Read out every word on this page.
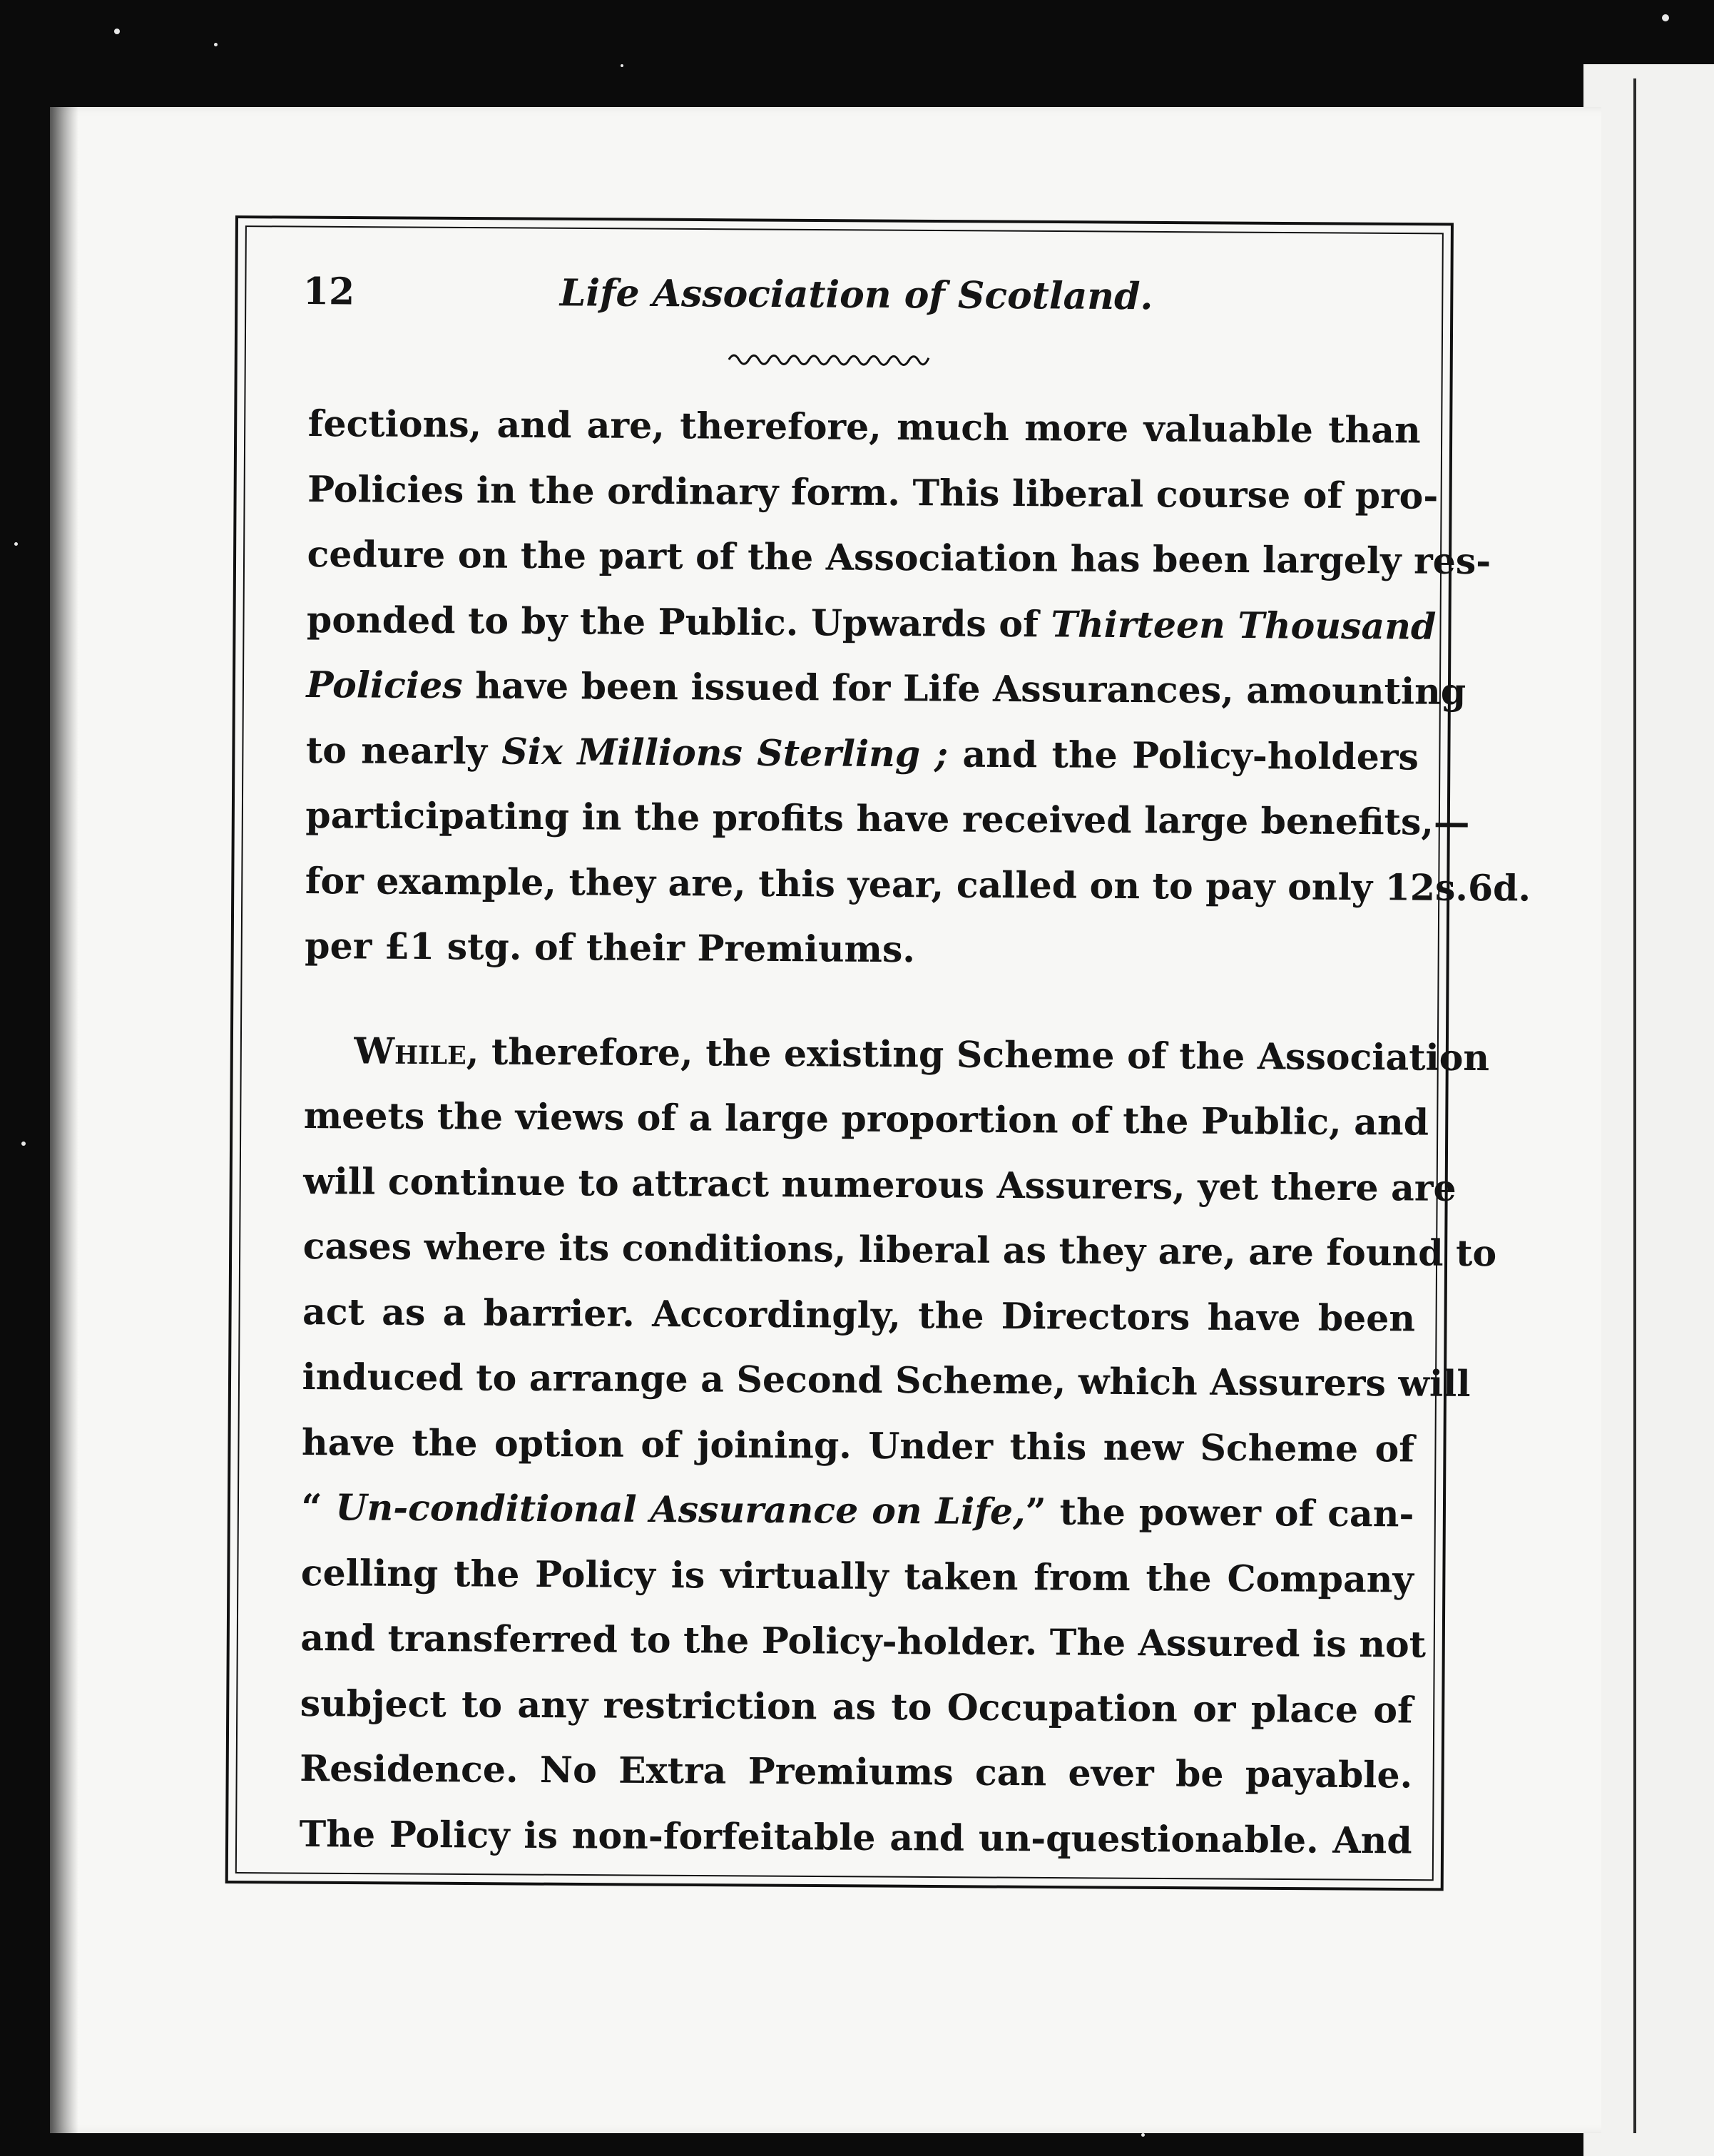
12	Life Association of Scotland.
fections, and are, therefore, much more valuable than
Policies in the ordinary form. This liberal course of pro-
cedure on the part of the Association has been largely res-
ponded to by the Public. Upwards of Thirteen Thousand
Policies have been issued for Life Assurances, amounting
to nearly Six Millions Sterling ; and the Policy-holders
participating in the profits have received large benefits,—
for example, they are, this year, called on to pay only 12s.6d.
per £1 stg. of their Premiums.
While, therefore, the existing Scheme of the Association
meets the views of a large proportion of the Public, and
will continue to attract numerous Assurers, yet there are
cases where its conditions, liberal as they are, are found to
act as a barrier. Accordingly, the Directors have been
induced to arrange a Second Scheme, which Assurers will
have the option of joining. Under this new Scheme of
“ Un-conditional Assurance on Life,” the power of can-
celling the Policy is virtually taken from the Company
and transferred to the Policy-holder. The Assured is not
subject to any restriction as to Occupation or place of
Residence. No Extra Premiums can ever be payable.
The Policy is non-forfeitable and un-questionable. And
